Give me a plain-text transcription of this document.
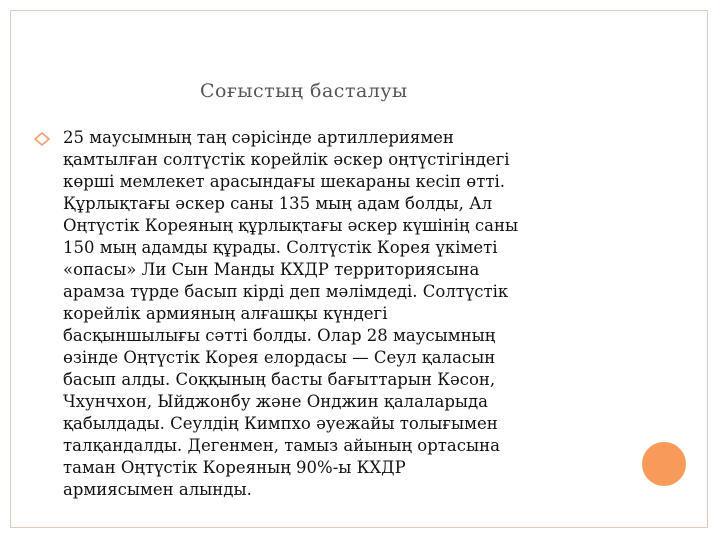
Соғыстың басталуы
25 маусымның таң сәрісінде артиллериямен
қамтылған солтүстік корейлік әскер оңтүстігіндегі
көрші мемлекет арасындағы шекараны кесіп өтті.
Құрлықтағы әскер саны 135 мың адам болды, Ал
Оңтүстік Кореяның құрлықтағы әскер күшінің саны
150 мың адамды құрады. Солтүстік Корея үкіметі
«опасы» Ли Сын Манды КХДР территориясына
арамза түрде басып кірді деп мәлімдеді. Солтүстік
корейлік армияның алғашқы күндегі
басқыншылығы сәтті болды. Олар 28 маусымның
өзінде Оңтүстік Корея елордасы — Сеул қаласын
басып алды. Соққының басты бағыттарын Кәсон,
Чхунчхон, Ыйджонбу және Онджин қалаларыда
қабылдады. Сеулдің Кимпхо әуежайы толығымен
талқандалды. Дегенмен, тамыз айының ортасына
таман Оңтүстік Кореяның 90%-ы КХДР
армиясымен алынды.
